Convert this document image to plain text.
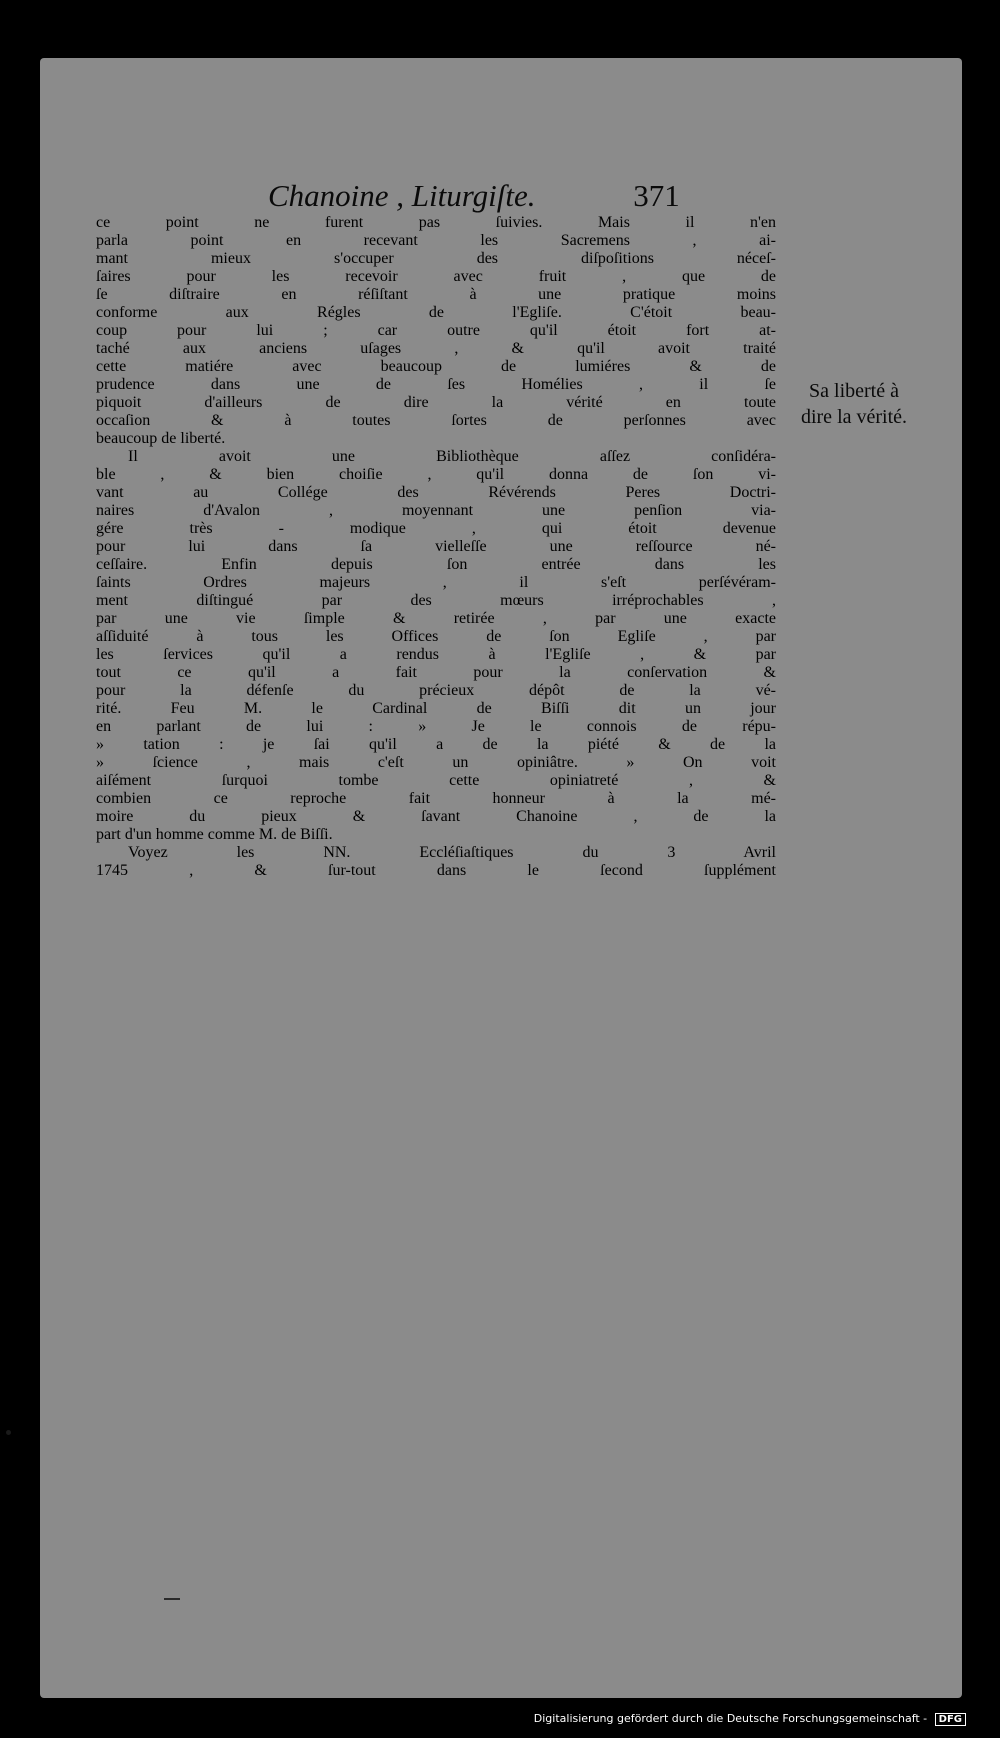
Chanoine , Liturgiſte.	371
ce point ne furent pas ſuivies. Mais il n'en
parla point en recevant les Sacremens , ai-
mant mieux s'occuper des diſpoſitions néceſ-
ſaires pour les recevoir avec fruit , que de
ſe diſtraire en réſiſtant à une pratique moins
conforme aux Régles de l'Egliſe. C'étoit beau-
coup pour lui ; car outre qu'il étoit fort at-
taché aux anciens uſages , & qu'il avoit traité
cette matiére avec beaucoup de lumiéres & de
prudence dans une de ſes Homélies , il ſe
piquoit d'ailleurs de dire la vérité en toute
occaſion & à toutes ſortes de perſonnes avec
beaucoup de liberté.
Il avoit une Bibliothèque aſſez conſidéra-
ble , & bien choiſie , qu'il donna de ſon vi-
vant au Collége des Révérends Peres Doctri-
naires d'Avalon , moyennant une penſion via-
gére très - modique , qui étoit devenue
pour lui dans ſa vielleſſe une reſſource né-
ceſſaire. Enfin depuis ſon entrée dans les
ſaints Ordres majeurs , il s'eſt perſévéram-
ment diſtingué par des mœurs irréprochables ,
par une vie ſimple & retirée , par une exacte
aſſiduité à tous les Offices de ſon Egliſe , par
les ſervices qu'il a rendus à l'Egliſe , & par
tout ce qu'il a fait pour la conſervation &
pour la défenſe du précieux dépôt de la vé-
rité. Feu M. le Cardinal de Biſſi dit un jour
en parlant de lui : » Je le connois de répu-
» tation : je ſai qu'il a de la piété & de la
» ſcience , mais c'eſt un opiniâtre. » On voit
aiſément ſurquoi tombe cette opiniatreté , &
combien ce reproche fait honneur à la mé-
moire du pieux & ſavant Chanoine , de la
part d'un homme comme M. de Biſſi.
Voyez les NN. Eccléſiaſtiques du 3 Avril
1745 , & ſur-tout dans le ſecond ſupplément
Sa liberté à
dire la vérité.
Digitalisierung gefördert durch die Deutsche Forschungsgemeinschaft - DFG
